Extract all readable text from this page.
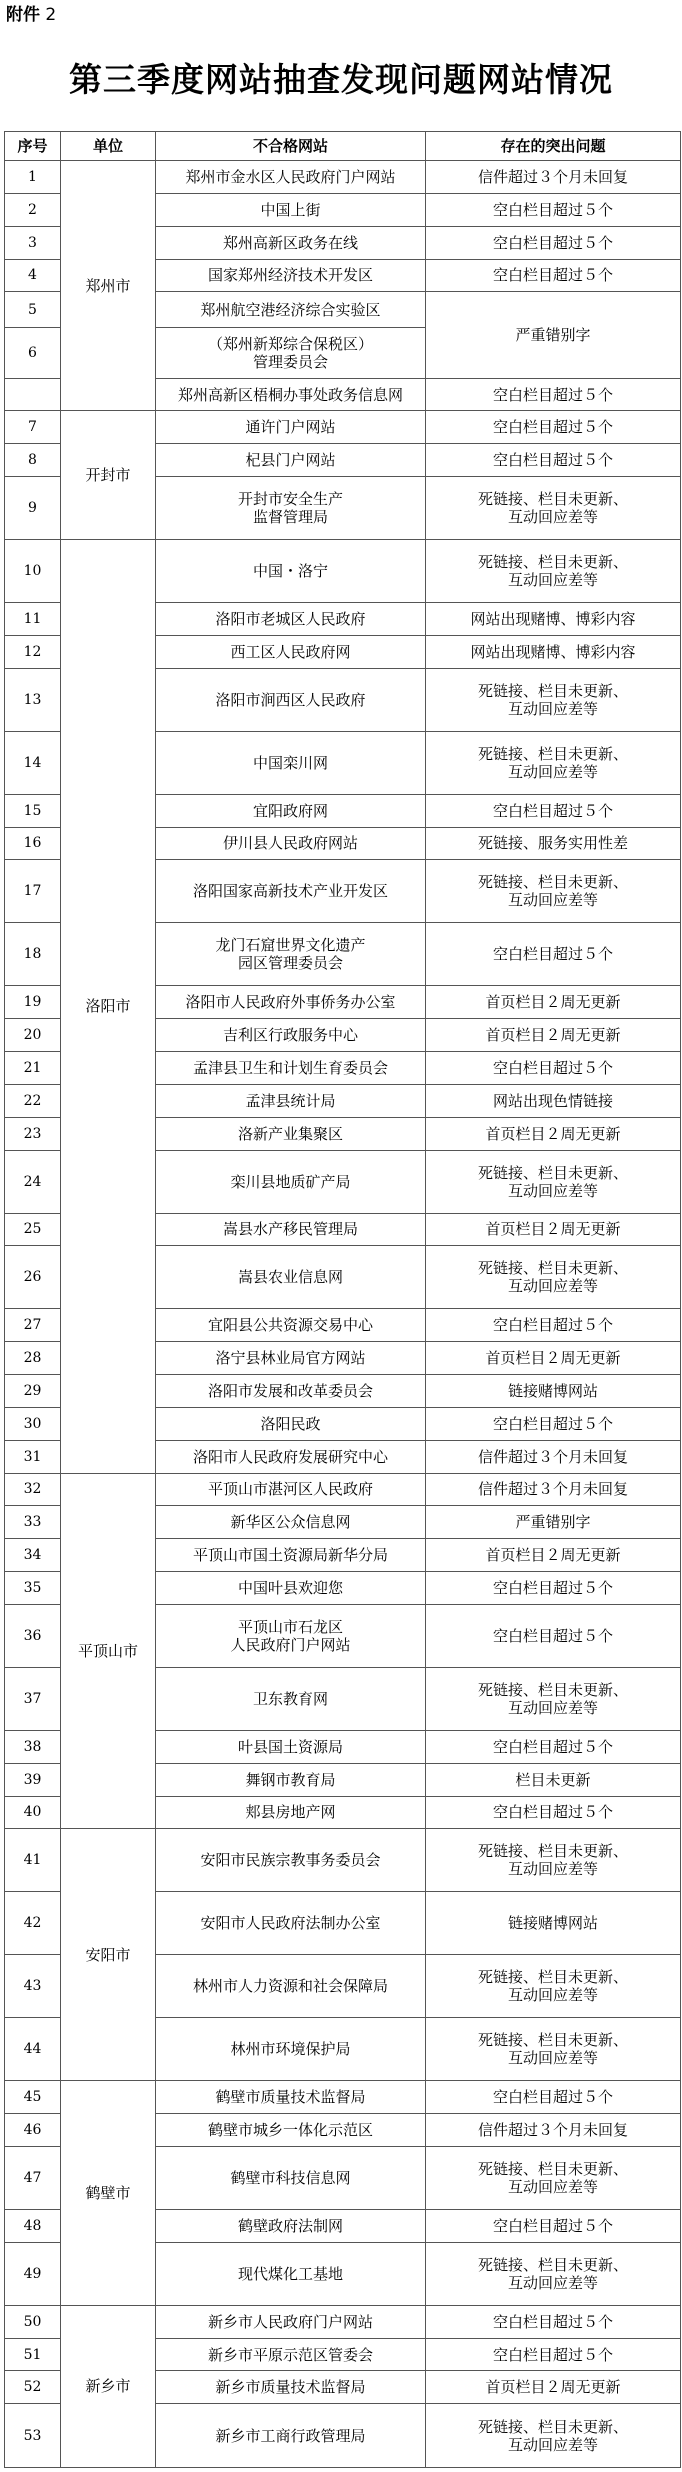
附件 2
第三季度网站抽查发现问题网站情况
序号	单位	不合格网站	存在的突出问题
1	郑州市	郑州市金水区人民政府门户网站	信件超过３个月未回复
2		中国上街	空白栏目超过５个
3		郑州高新区政务在线	空白栏目超过５个
4		国家郑州经济技术开发区	空白栏目超过５个
5		郑州航空港经济综合实验区	严重错别字
6		（郑州新郑综合保税区）
管理委员会	
		郑州高新区梧桐办事处政务信息网	空白栏目超过５个
7	开封市	通许门户网站	空白栏目超过５个
8		杞县门户网站	空白栏目超过５个
9		开封市安全生产
监督管理局	死链接、栏目未更新、
互动回应差等
10	洛阳市	中国・洛宁	死链接、栏目未更新、
互动回应差等
11		洛阳市老城区人民政府	网站出现赌博、博彩内容
12		西工区人民政府网	网站出现赌博、博彩内容
13		洛阳市涧西区人民政府	死链接、栏目未更新、
互动回应差等
14		中国栾川网	死链接、栏目未更新、
互动回应差等
15		宜阳政府网	空白栏目超过５个
16		伊川县人民政府网站	死链接、服务实用性差
17		洛阳国家高新技术产业开发区	死链接、栏目未更新、
互动回应差等
18		龙门石窟世界文化遗产
园区管理委员会	空白栏目超过５个
19		洛阳市人民政府外事侨务办公室	首页栏目２周无更新
20		吉利区行政服务中心	首页栏目２周无更新
21		孟津县卫生和计划生育委员会	空白栏目超过５个
22		孟津县统计局	网站出现色情链接
23		洛新产业集聚区	首页栏目２周无更新
24		栾川县地质矿产局	死链接、栏目未更新、
互动回应差等
25		嵩县水产移民管理局	首页栏目２周无更新
26		嵩县农业信息网	死链接、栏目未更新、
互动回应差等
27		宜阳县公共资源交易中心	空白栏目超过５个
28		洛宁县林业局官方网站	首页栏目２周无更新
29		洛阳市发展和改革委员会	链接赌博网站
30		洛阳民政	空白栏目超过５个
31		洛阳市人民政府发展研究中心	信件超过３个月未回复
32	平顶山市	平顶山市湛河区人民政府	信件超过３个月未回复
33		新华区公众信息网	严重错别字
34		平顶山市国土资源局新华分局	首页栏目２周无更新
35		中国叶县欢迎您	空白栏目超过５个
36		平顶山市石龙区
人民政府门户网站	空白栏目超过５个
37		卫东教育网	死链接、栏目未更新、
互动回应差等
38		叶县国土资源局	空白栏目超过５个
39		舞钢市教育局	栏目未更新
40		郏县房地产网	空白栏目超过５个
41	安阳市	安阳市民族宗教事务委员会	死链接、栏目未更新、
互动回应差等
42		安阳市人民政府法制办公室	链接赌博网站
43		林州市人力资源和社会保障局	死链接、栏目未更新、
互动回应差等
44		林州市环境保护局	死链接、栏目未更新、
互动回应差等
45	鹤壁市	鹤壁市质量技术监督局	空白栏目超过５个
46		鹤壁市城乡一体化示范区	信件超过３个月未回复
47		鹤壁市科技信息网	死链接、栏目未更新、
互动回应差等
48		鹤壁政府法制网	空白栏目超过５个
49		现代煤化工基地	死链接、栏目未更新、
互动回应差等
50	新乡市	新乡市人民政府门户网站	空白栏目超过５个
51		新乡市平原示范区管委会	空白栏目超过５个
52		新乡市质量技术监督局	首页栏目２周无更新
53		新乡市工商行政管理局	死链接、栏目未更新、
互动回应差等
